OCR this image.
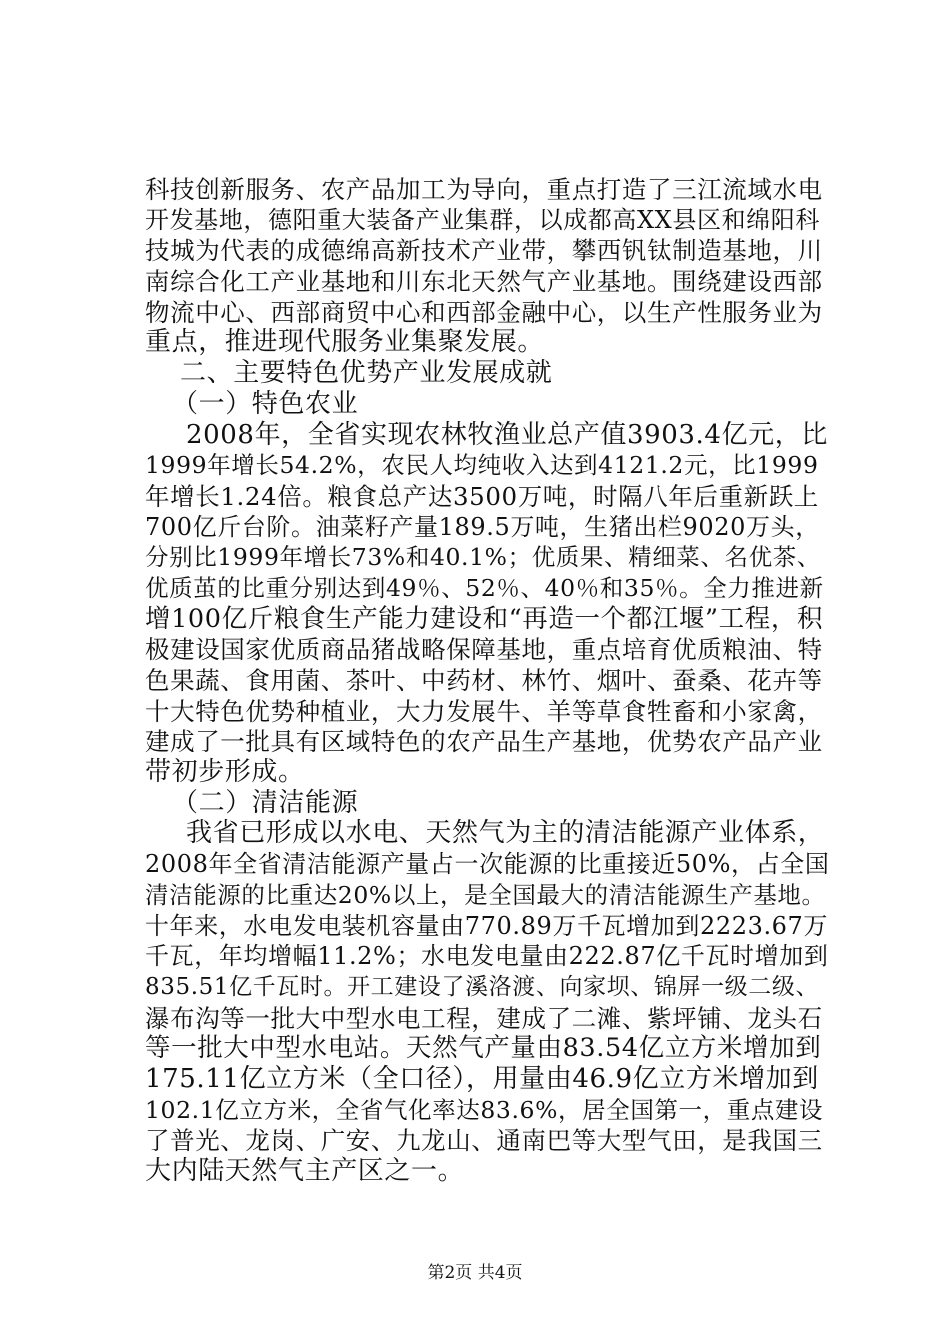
科技创新服务、农产品加工为导向，重点打造了三江流域水电
开发基地，德阳重大装备产业集群，以成都高XX县区和绵阳科
技城为代表的成德绵高新技术产业带，攀西钒钛制造基地，川
南综合化工产业基地和川东北天然气产业基地。围绕建设西部
物流中心、西部商贸中心和西部金融中心，以生产性服务业为
重点，推进现代服务业集聚发展。
二、主要特色优势产业发展成就
（一）特色农业
2008年，全省实现农林牧渔业总产值3903.4亿元，比
1999年增长54.2%，农民人均纯收入达到4121.2元，比1999
年增长1.24倍。粮食总产达3500万吨，时隔八年后重新跃上
700亿斤台阶。油菜籽产量189.5万吨，生猪出栏9020万头，
分别比1999年增长73%和40.1%；优质果、精细菜、名优茶、
优质茧的比重分别达到49％、52％、40％和35％。全力推进新
增100亿斤粮食生产能力建设和“再造一个都江堰”工程，积
极建设国家优质商品猪战略保障基地，重点培育优质粮油、特
色果蔬、食用菌、茶叶、中药材、林竹、烟叶、蚕桑、花卉等
十大特色优势种植业，大力发展牛、羊等草食牲畜和小家禽，
建成了一批具有区域特色的农产品生产基地，优势农产品产业
带初步形成。
（二）清洁能源
我省已形成以水电、天然气为主的清洁能源产业体系，
2008年全省清洁能源产量占一次能源的比重接近50%，占全国
清洁能源的比重达20%以上，是全国最大的清洁能源生产基地。
十年来，水电发电装机容量由770.89万千瓦增加到2223.67万
千瓦，年均增幅11.2%；水电发电量由222.87亿千瓦时增加到
835.51亿千瓦时。开工建设了溪洛渡、向家坝、锦屏一级二级、
瀑布沟等一批大中型水电工程，建成了二滩、紫坪铺、龙头石
等一批大中型水电站。天然气产量由83.54亿立方米增加到
175.11亿立方米（全口径），用量由46.9亿立方米增加到
102.1亿立方米，全省气化率达83.6%，居全国第一，重点建设
了普光、龙岗、广安、九龙山、通南巴等大型气田，是我国三
大内陆天然气主产区之一。
第2页 共4页
